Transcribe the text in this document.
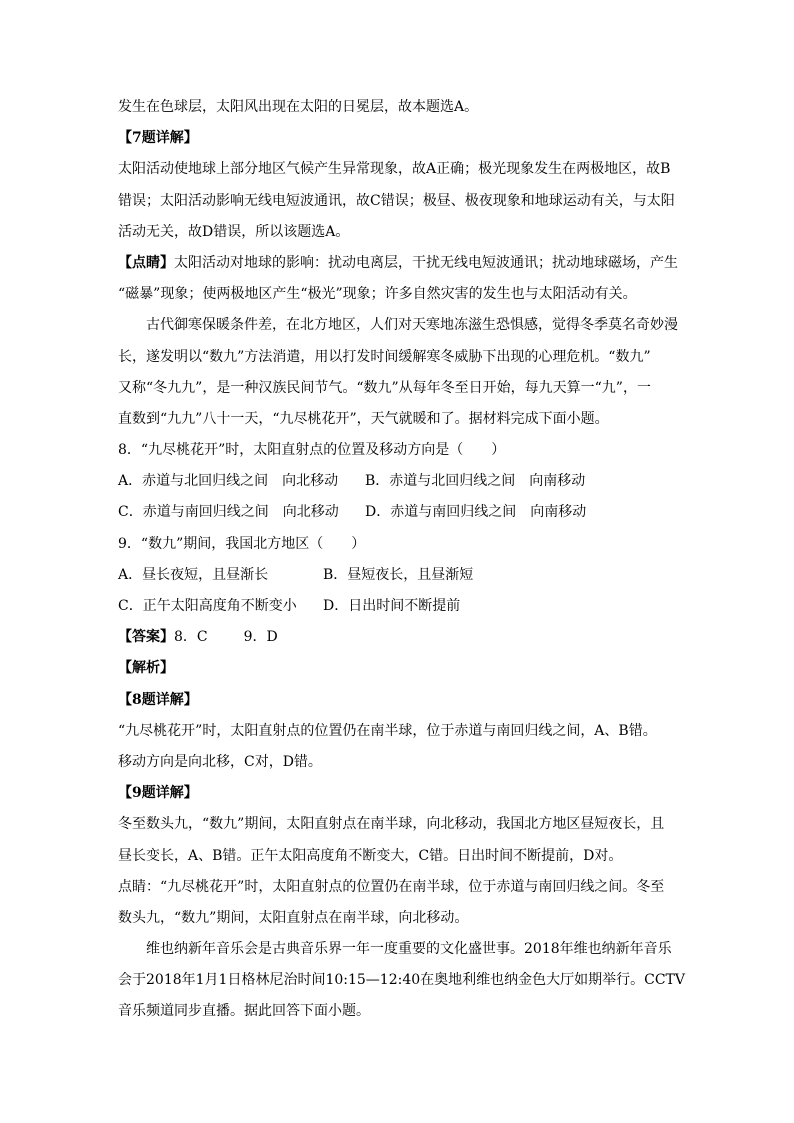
发生在色球层，太阳风出现在太阳的日冕层，故本题选A。
【7题详解】
太阳活动使地球上部分地区气候产生异常现象，故A正确；极光现象发生在两极地区，故B
错误；太阳活动影响无线电短波通讯，故C错误；极昼、极夜现象和地球运动有关，与太阳
活动无关，故D错误，所以该题选A。
【点睛】太阳活动对地球的影响：扰动电离层，干扰无线电短波通讯；扰动地球磁场，产生
“磁暴”现象；使两极地区产生“极光”现象；许多自然灾害的发生也与太阳活动有关。
古代御寒保暖条件差，在北方地区，人们对天寒地冻滋生恐惧感，觉得冬季莫名奇妙漫
长，遂发明以“数九”方法消遣，用以打发时间缓解寒冬威胁下出现的心理危机。“数九”
又称“冬九九”，是一种汉族民间节气。“数九”从每年冬至日开始，每九天算一“九”，一
直数到“九九”八十一天，“九尽桃花开”，天气就暖和了。据材料完成下面小题。
8．“九尽桃花开”时，太阳直射点的位置及移动方向是（　　）
A．赤道与北回归线之间　向北移动 B．赤道与北回归线之间　向南移动
C．赤道与南回归线之间　向北移动 D．赤道与南回归线之间　向南移动
9．“数九”期间，我国北方地区（　　）
A．昼长夜短，且昼渐长	B．昼短夜长，且昼渐短
C．正午太阳高度角不断变小 D．日出时间不断提前
【答案】8．C	9．D
【解析】
【8题详解】
“九尽桃花开”时，太阳直射点的位置仍在南半球，位于赤道与南回归线之间，A、B错。
移动方向是向北移，C对，D错。
【9题详解】
冬至数头九，“数九”期间，太阳直射点在南半球，向北移动，我国北方地区昼短夜长，且
昼长变长，A、B错。正午太阳高度角不断变大，C错。日出时间不断提前，D对。
点睛：“九尽桃花开”时，太阳直射点的位置仍在南半球，位于赤道与南回归线之间。冬至
数头九，“数九”期间，太阳直射点在南半球，向北移动。
维也纳新年音乐会是古典音乐界一年一度重要的文化盛世事。2018年维也纳新年音乐
会于2018年1月1日格林尼治时间10:15—12:40在奥地利维也纳金色大厅如期举行。CCTV
音乐频道同步直播。据此回答下面小题。
